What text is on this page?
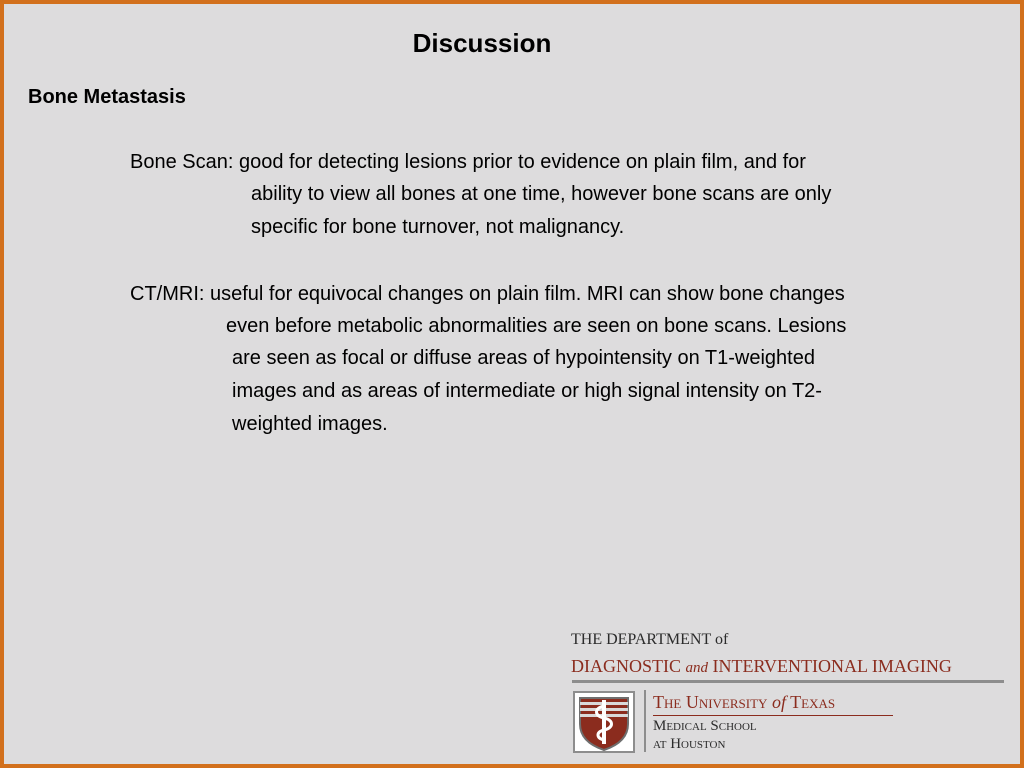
Discussion
Bone Metastasis
Bone Scan: good for detecting lesions prior to evidence on plain film, and for
ability to view all bones at one time, however bone scans are only
specific for bone turnover, not malignancy.
CT/MRI: useful for equivocal changes on plain film. MRI can show bone changes
even before metabolic abnormalities are seen on bone scans. Lesions
are seen as focal or diffuse areas of hypointensity on T1-weighted
images and as areas of intermediate or high signal intensity on T2-
weighted images.
THE DEPARTMENT of
DIAGNOSTIC and INTERVENTIONAL IMAGING
The University of Texas
Medical School
at Houston
